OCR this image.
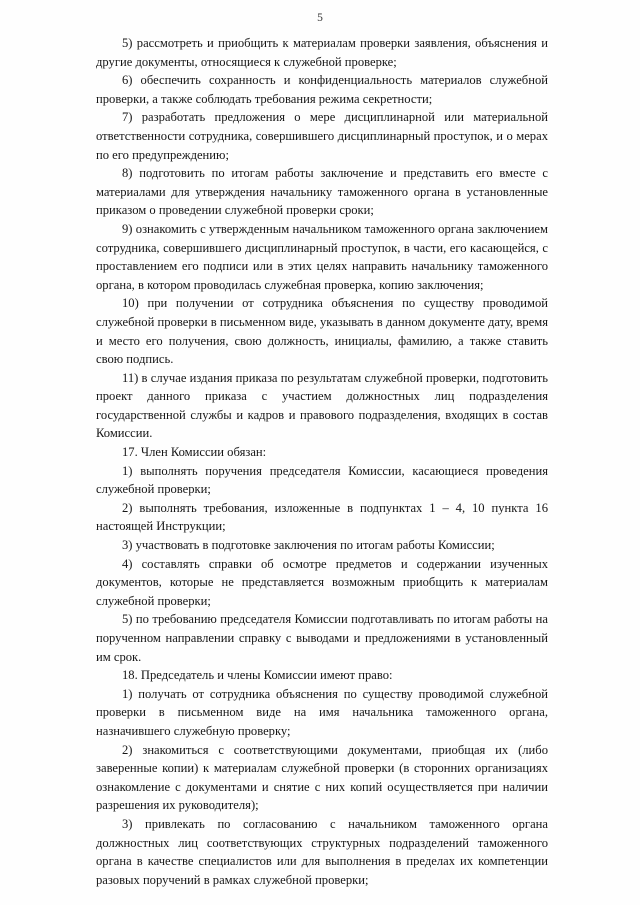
5

5) рассмотреть и приобщить к материалам проверки заявления, объяснения и другие документы, относящиеся к служебной проверке;

6) обеспечить сохранность и конфиденциальность материалов служебной проверки, а также соблюдать требования режима секретности;

7) разработать предложения о мере дисциплинарной или материальной ответственности сотрудника, совершившего дисциплинарный проступок, и о мерах по его предупреждению;

8) подготовить по итогам работы заключение и представить его вместе с материалами для утверждения начальнику таможенного органа в установленные приказом о проведении служебной проверки сроки;

9) ознакомить с утвержденным начальником таможенного органа заключением сотрудника, совершившего дисциплинарный проступок, в части, его касающейся, с проставлением его подписи или в этих целях направить начальнику таможенного органа, в котором проводилась служебная проверка, копию заключения;

10) при получении от сотрудника объяснения по существу проводимой служебной проверки в письменном виде, указывать в данном документе дату, время и место его получения, свою должность, инициалы, фамилию, а также ставить свою подпись.

11) в случае издания приказа по результатам служебной проверки, подготовить проект данного приказа с участием должностных лиц подразделения государственной службы и кадров и правового подразделения, входящих в состав Комиссии.

17. Член Комиссии обязан:

1) выполнять поручения председателя Комиссии, касающиеся проведения служебной проверки;

2) выполнять требования, изложенные в подпунктах 1 – 4, 10 пункта 16 настоящей Инструкции;

3) участвовать в подготовке заключения по итогам работы Комиссии;

4) составлять справки об осмотре предметов и содержании изученных документов, которые не представляется возможным приобщить к материалам служебной проверки;

5) по требованию председателя Комиссии подготавливать по итогам работы на порученном направлении справку с выводами и предложениями в установленный им срок.

18. Председатель и члены Комиссии имеют право:

1) получать от сотрудника объяснения по существу проводимой служебной проверки в письменном виде на имя начальника таможенного органа, назначившего служебную проверку;

2) знакомиться с соответствующими документами, приобщая их (либо заверенные копии) к материалам служебной проверки (в сторонних организациях ознакомление с документами и снятие с них копий осуществляется при наличии разрешения их руководителя);

3) привлекать по согласованию с начальником таможенного органа должностных лиц соответствующих структурных подразделений таможенного органа в качестве специалистов или для выполнения в пределах их компетенции разовых поручений в рамках служебной проверки;
